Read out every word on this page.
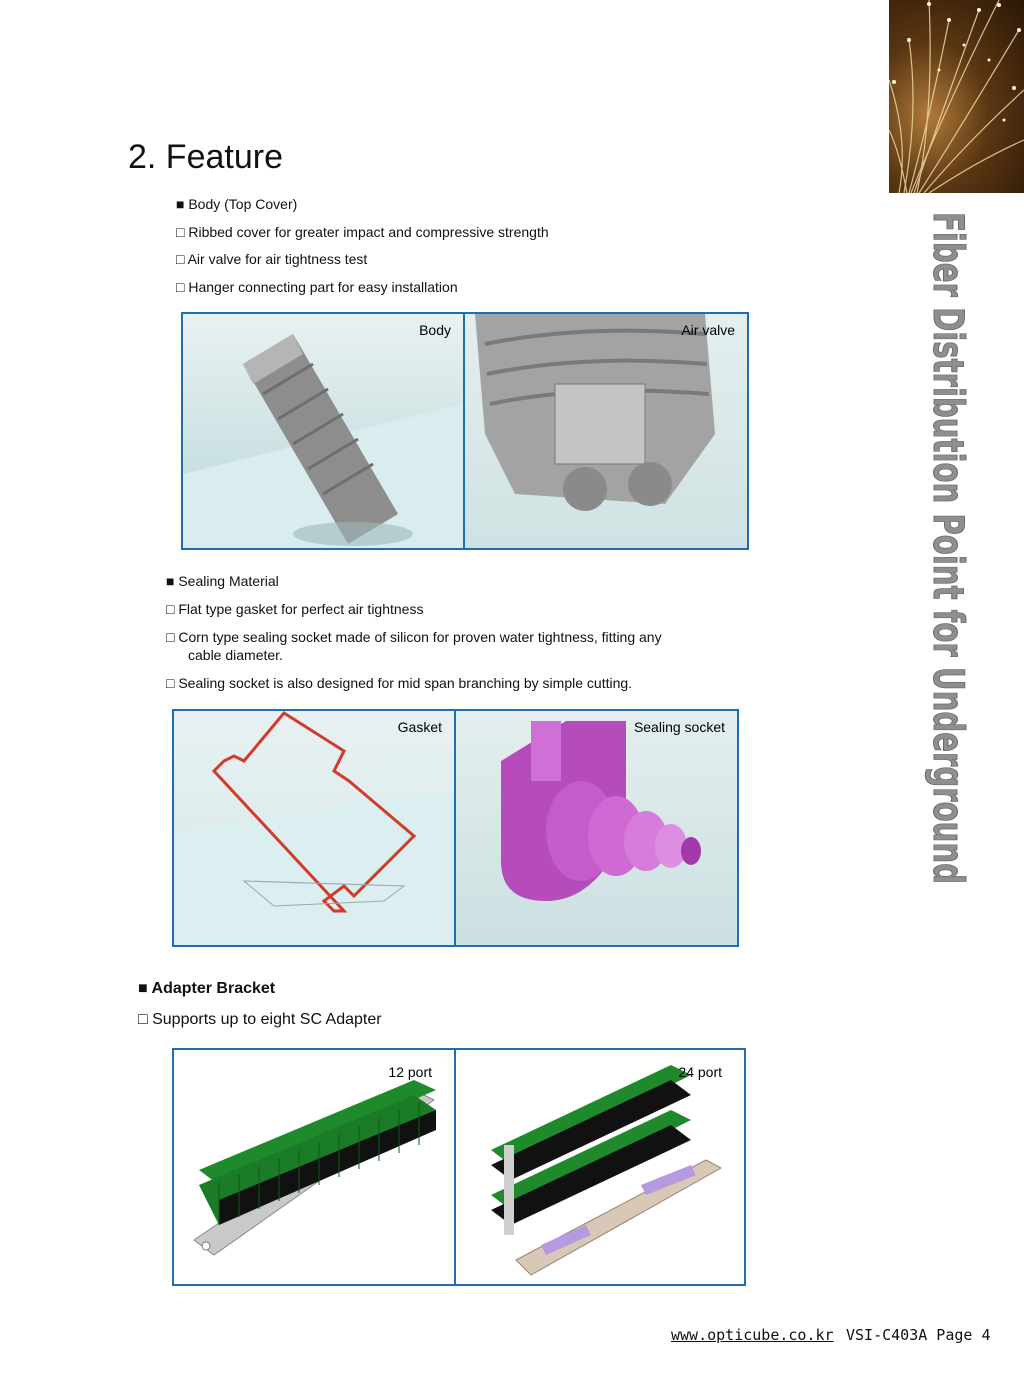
Fiber Distribution Point for Underground
2. Feature
■ Body (Top Cover)
□ Ribbed cover for greater impact and compressive strength
□ Air valve for air tightness test
□ Hanger connecting part for easy installation
Body	Air valve
■ Sealing Material
□ Flat type gasket for perfect air tightness
□ Corn type sealing socket made of silicon for proven water tightness, fitting any
cable diameter.
□ Sealing socket is also designed for mid span branching by simple cutting.
Gasket	Sealing socket
■ Adapter Bracket
□ Supports up to eight SC Adapter
12 port	24 port
www.opticube.co.kr VSI-C403A Page 4
